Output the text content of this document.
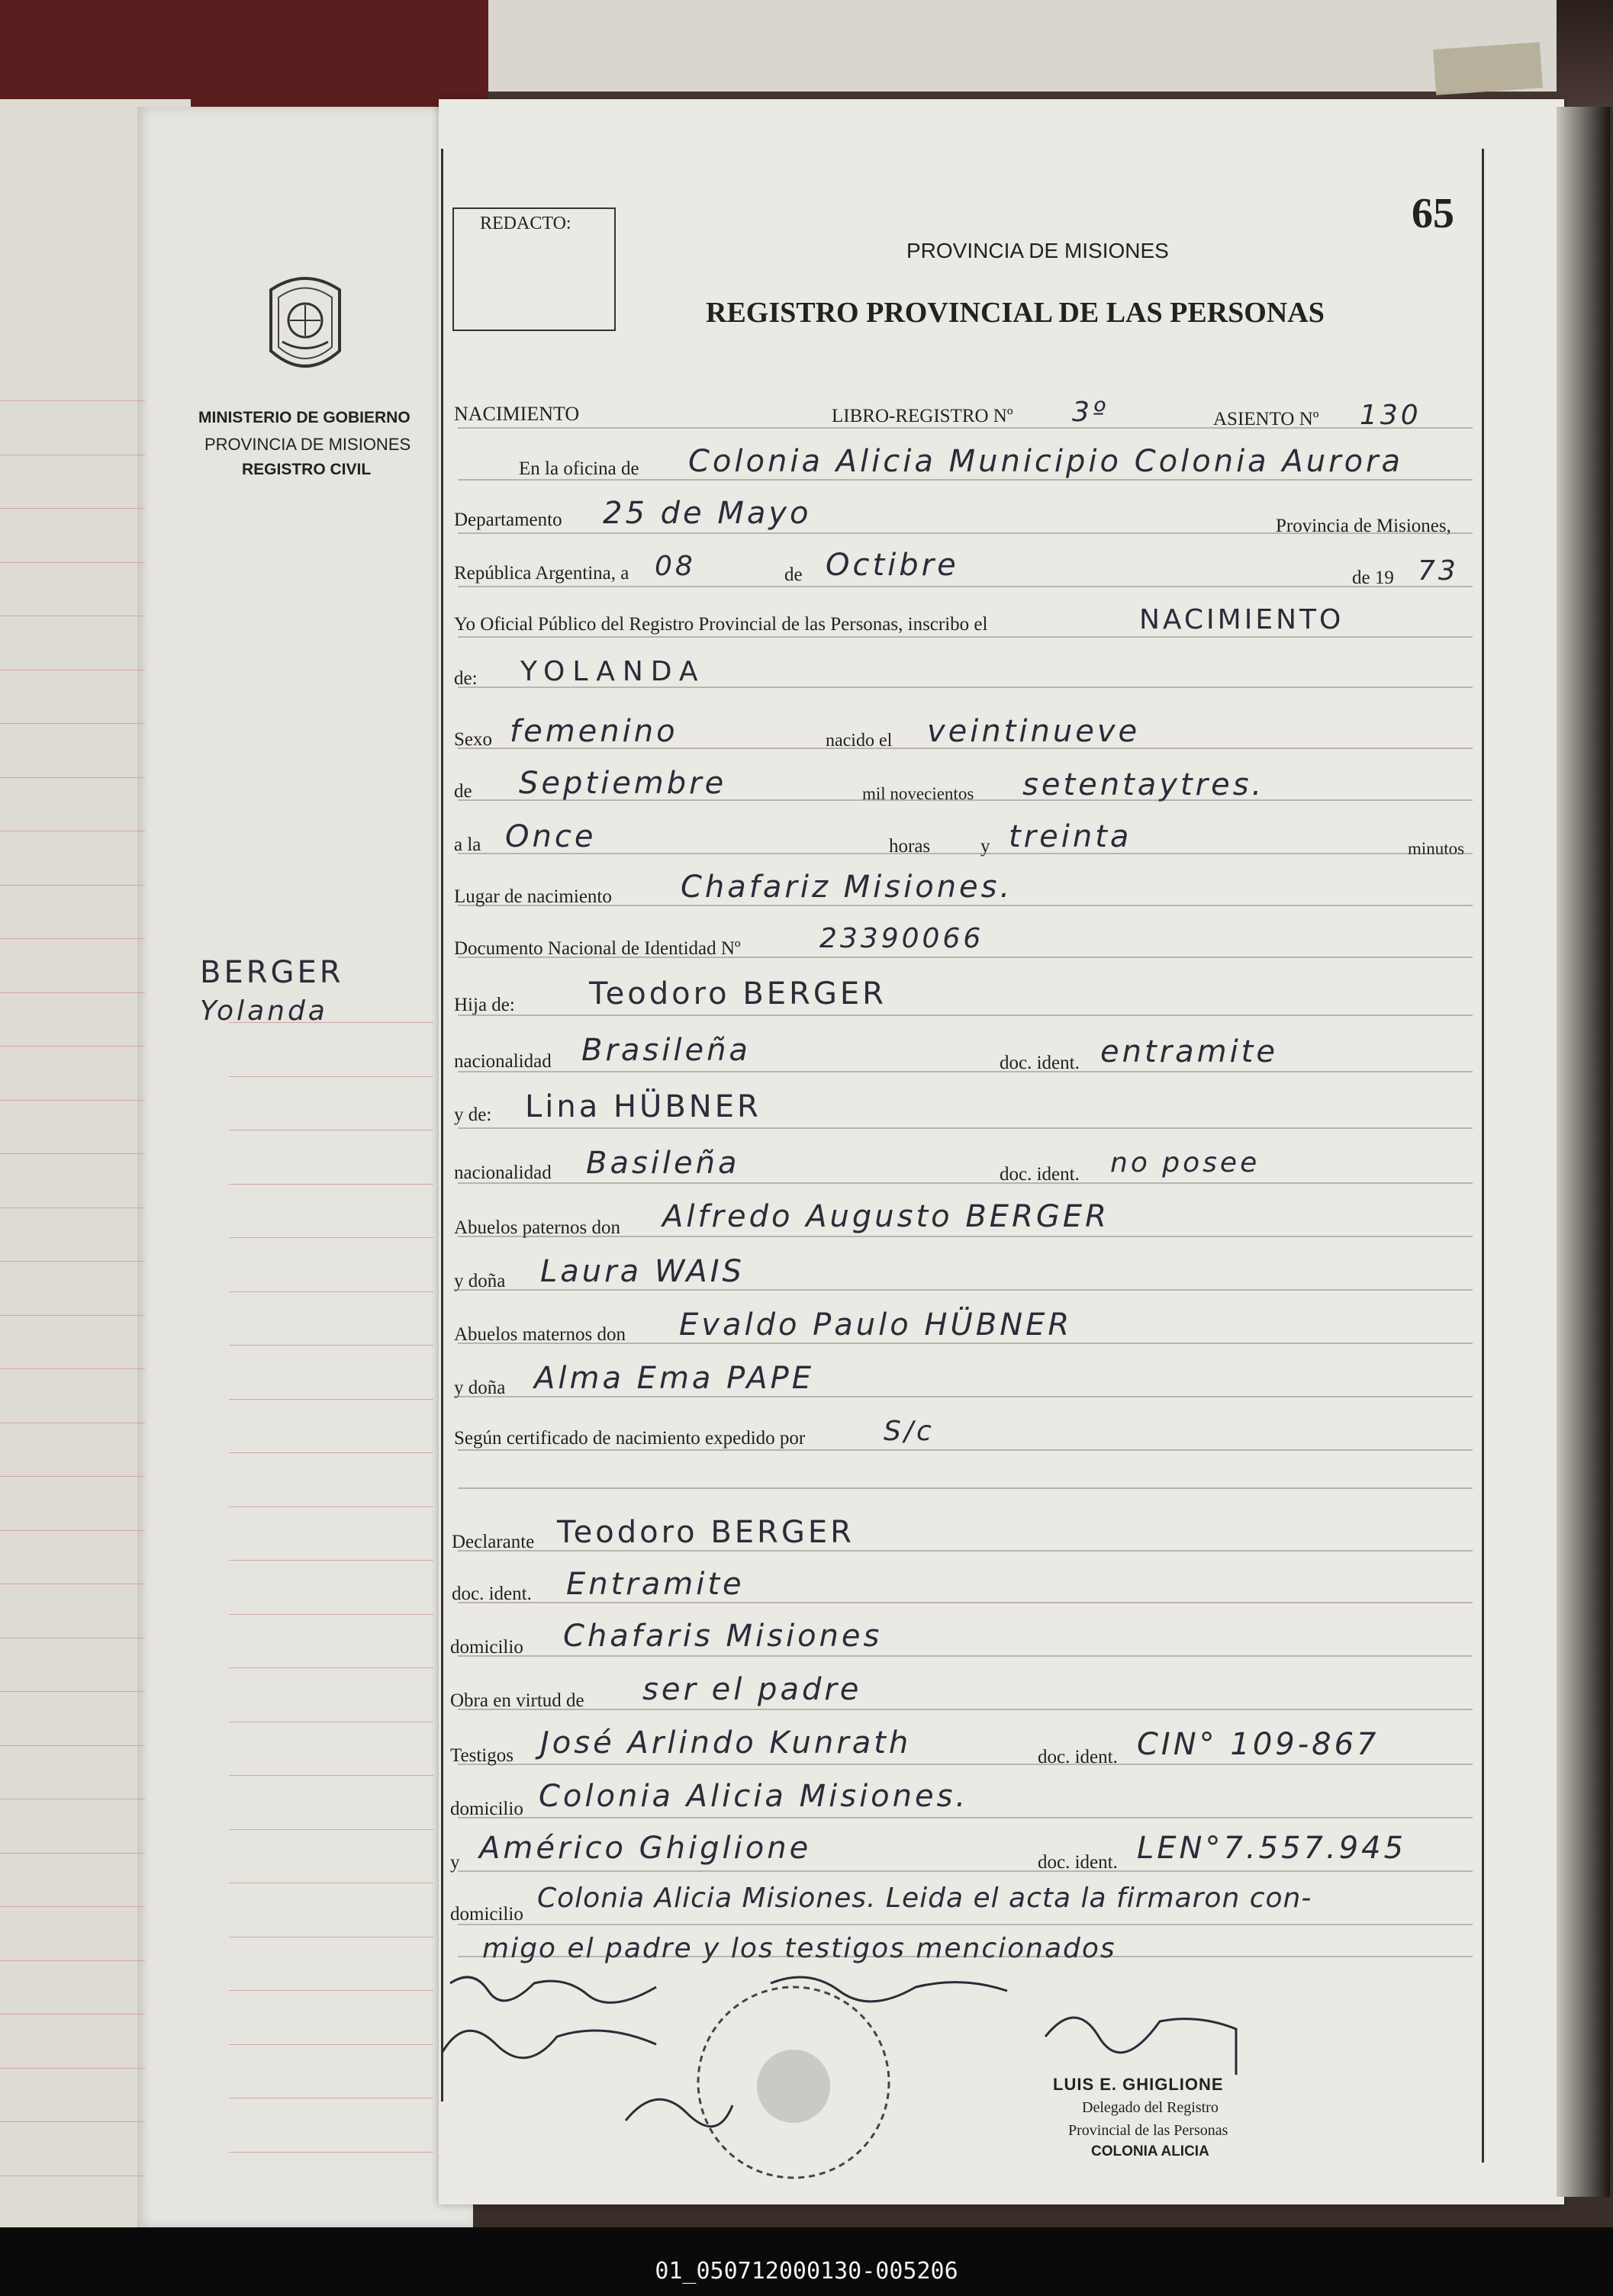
REDACTO:	65
PROVINCIA DE MISIONES
REGISTRO PROVINCIAL DE LAS PERSONAS
MINISTERIO DE GOBIERNO
PROVINCIA DE MISIONES
REGISTRO CIVIL
BERGER
Yolanda
NACIMIENTO	LIBRO-REGISTRO Nº 3º	ASIENTO Nº 130
En la oficina de Colonia Alicia Municipio Colonia Aurora
Departamento 25 de Mayo	Provincia de Misiones,
República Argentina, a 08	de Octibre	de 19 73
Yo Oficial Público del Registro Provincial de las Personas, inscribo el	NACIMIENTO
de: YOLANDA
Sexo femenino	nacido el veintinueve
de Septiembre	mil novecientos setentaytres.
a la Once	horas	y treinta	minutos
Lugar de nacimiento Chafariz Misiones.
Documento Nacional de Identidad Nº	23390066
Hija de: Teodoro BERGER
nacionalidad Brasileña	doc. ident. entramite
y de: Lina HÜBNER
nacionalidad Basileña	doc. ident. no posee
Abuelos paternos don Alfredo Augusto BERGER
y doña Laura WAIS
Abuelos maternos don Evaldo Paulo HÜBNER
y doña Alma Ema PAPE
Según certificado de nacimiento expedido por	S/c
Declarante Teodoro BERGER
doc. ident. Entramite
domicilio Chafaris Misiones
Obra en virtud de ser el padre
Testigos José Arlindo Kunrath	doc. ident. CIN° 109-867
domicilio Colonia Alicia Misiones.
y Américo Ghiglione	doc. ident. LEN°7.557.945
domicilio
Colonia Alicia Misiones. Leida el acta la firmaron con-
migo el padre y los testigos mencionados
LUIS E. GHIGLIONE
Delegado del Registro
Provincial de las Personas
COLONIA ALICIA
01_050712000130-005206
